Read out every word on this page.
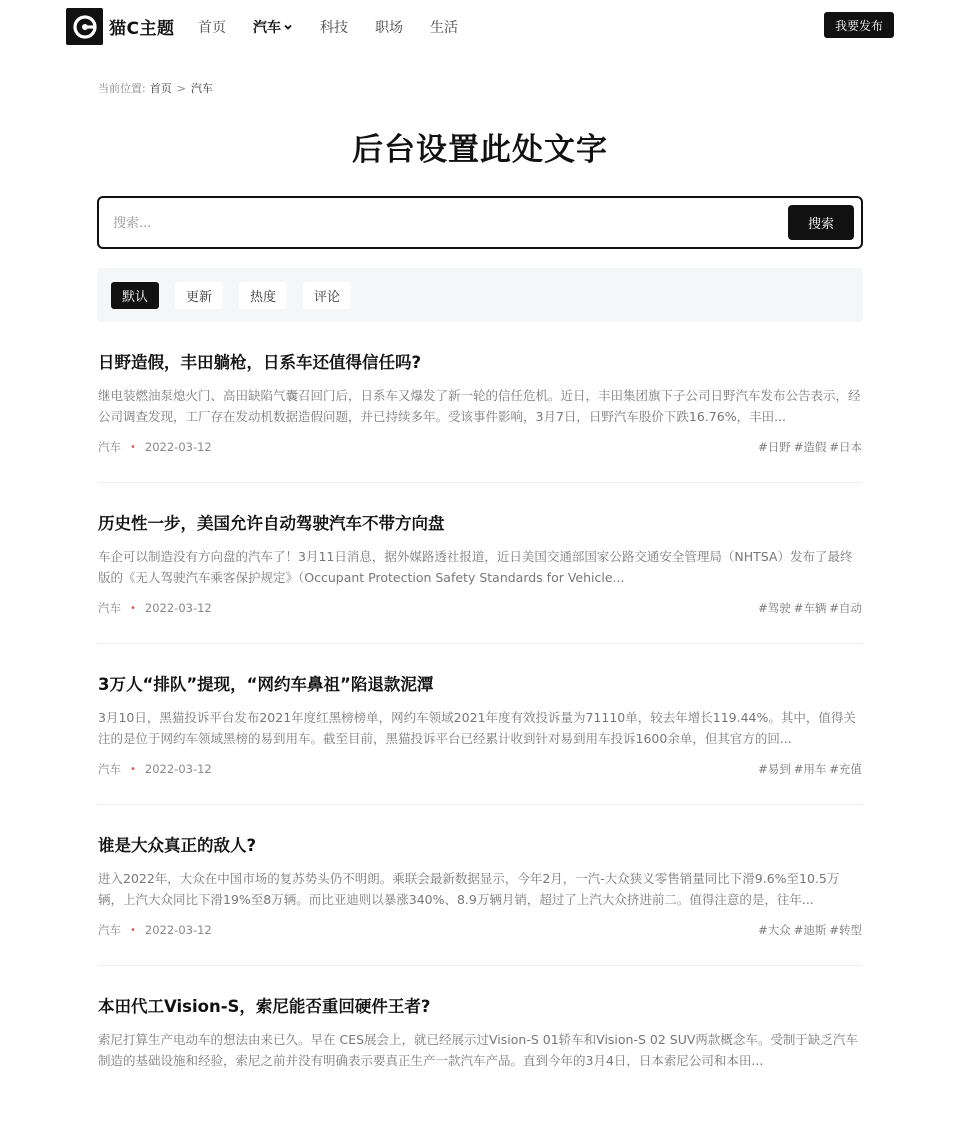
猫C主题 首页 汽车	科技 职场 生活	我要发布
当前位置: 首页 > 汽车
后台设置此处文字
搜索...
搜索
默认	更新	热度	评论
日野造假，丰田躺枪，日系车还值得信任吗?
继电装燃油泵熄火门、高田缺陷气囊召回门后，日系车又爆发了新一轮的信任危机。近日，丰田集团旗下子公司日野汽车发布公告表示，经公司调查发现，工厂存在发动机数据造假问题，并已持续多年。受该事件影响，3月7日，日野汽车股价下跌16.76%，丰田...
汽车 • 2022-03-12	#日野 #造假 #日本
历史性一步，美国允许自动驾驶汽车不带方向盘
车企可以制造没有方向盘的汽车了！3月11日消息，据外媒路透社报道，近日美国交通部国家公路交通安全管理局（NHTSA）发布了最终版的《无人驾驶汽车乘客保护规定》（Occupant Protection Safety Standards for Vehicle...
汽车 • 2022-03-12	#驾驶 #车辆 #自动
3万人“排队”提现，“网约车鼻祖”陷退款泥潭
3月10日，黑猫投诉平台发布2021年度红黑榜榜单，网约车领域2021年度有效投诉量为71110单，较去年增长119.44%。其中，值得关注的是位于网约车领域黑榜的易到用车。截至目前，黑猫投诉平台已经累计收到针对易到用车投诉1600余单，但其官方的回...
汽车 • 2022-03-12	#易到 #用车 #充值
谁是大众真正的敌人?
进入2022年，大众在中国市场的复苏势头仍不明朗。乘联会最新数据显示，今年2月，一汽-大众狭义零售销量同比下滑9.6%至10.5万辆，上汽大众同比下滑19%至8万辆。而比亚迪则以暴涨340%、8.9万辆月销，超过了上汽大众挤进前二。值得注意的是，往年...
汽车 • 2022-03-12	#大众 #迪斯 #转型
本田代工Vision-S，索尼能否重回硬件王者?
索尼打算生产电动车的想法由来已久。早在 CES展会上，就已经展示过Vision-S 01轿车和Vision-S 02 SUV两款概念车。受制于缺乏汽车制造的基础设施和经验，索尼之前并没有明确表示要真正生产一款汽车产品。直到今年的3月4日，日本索尼公司和本田...
